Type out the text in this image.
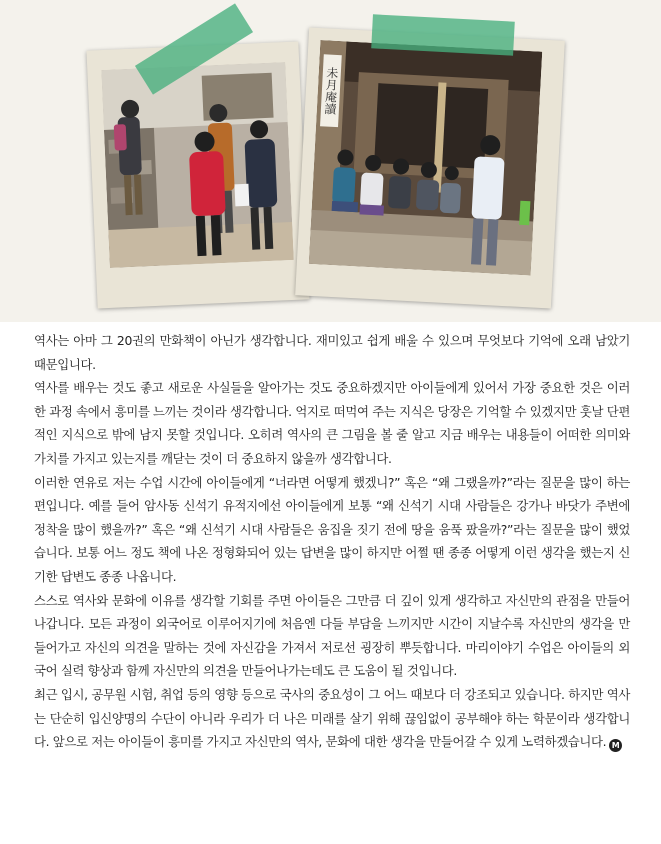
未月庵讀

역사는 아마 그 20권의 만화책이 아닌가 생각합니다. 재미있고 쉽게 배울 수 있으며 무엇보다 기억에 오래 남았기 때문입니다.

역사를 배우는 것도 좋고 새로운 사실들을 알아가는 것도 중요하겠지만 아이들에게 있어서 가장 중요한 것은 이러한 과정 속에서 흥미를 느끼는 것이라 생각합니다. 억지로 떠먹여 주는 지식은 당장은 기억할 수 있겠지만 훗날 단편적인 지식으로 밖에 남지 못할 것입니다. 오히려 역사의 큰 그림을 볼 줄 알고 지금 배우는 내용들이 어떠한 의미와 가치를 가지고 있는지를 깨닫는 것이 더 중요하지 않을까 생각합니다.

이러한 연유로 저는 수업 시간에 아이들에게 “너라면 어떻게 했겠니?” 혹은 “왜 그랬을까?”라는 질문을 많이 하는 편입니다. 예를 들어 암사동 신석기 유적지에선 아이들에게 보통 “왜 신석기 시대 사람들은 강가나 바닷가 주변에 정착을 많이 했을까?” 혹은 “왜 신석기 시대 사람들은 움집을 짓기 전에 땅을 움푹 팠을까?”라는 질문을 많이 했었습니다. 보통 어느 정도 책에 나온 정형화되어 있는 답변을 많이 하지만 어쩔 땐 종종 어떻게 이런 생각을 했는지 신기한 답변도 종종 나옵니다.

스스로 역사와 문화에 이유를 생각할 기회를 주면 아이들은 그만큼 더 깊이 있게 생각하고 자신만의 관점을 만들어 나갑니다. 모든 과정이 외국어로 이루어지기에 처음엔 다들 부담을 느끼지만 시간이 지날수록 자신만의 생각을 만들어가고 자신의 의견을 말하는 것에 자신감을 가져서 저로선 굉장히 뿌듯합니다. 마리이야기 수업은 아이들의 외국어 실력 향상과 함께 자신만의 의견을 만들어나가는데도 큰 도움이 될 것입니다.

최근 입시, 공무원 시험, 취업 등의 영향 등으로 국사의 중요성이 그 어느 때보다 더 강조되고 있습니다. 하지만 역사는 단순히 입신양명의 수단이 아니라 우리가 더 나은 미래를 살기 위해 끊임없이 공부해야 하는 학문이라 생각합니다. 앞으로 저는 아이들이 흥미를 가지고 자신만의 역사, 문화에 대한 생각을 만들어갈 수 있게 노력하겠습니다. M
